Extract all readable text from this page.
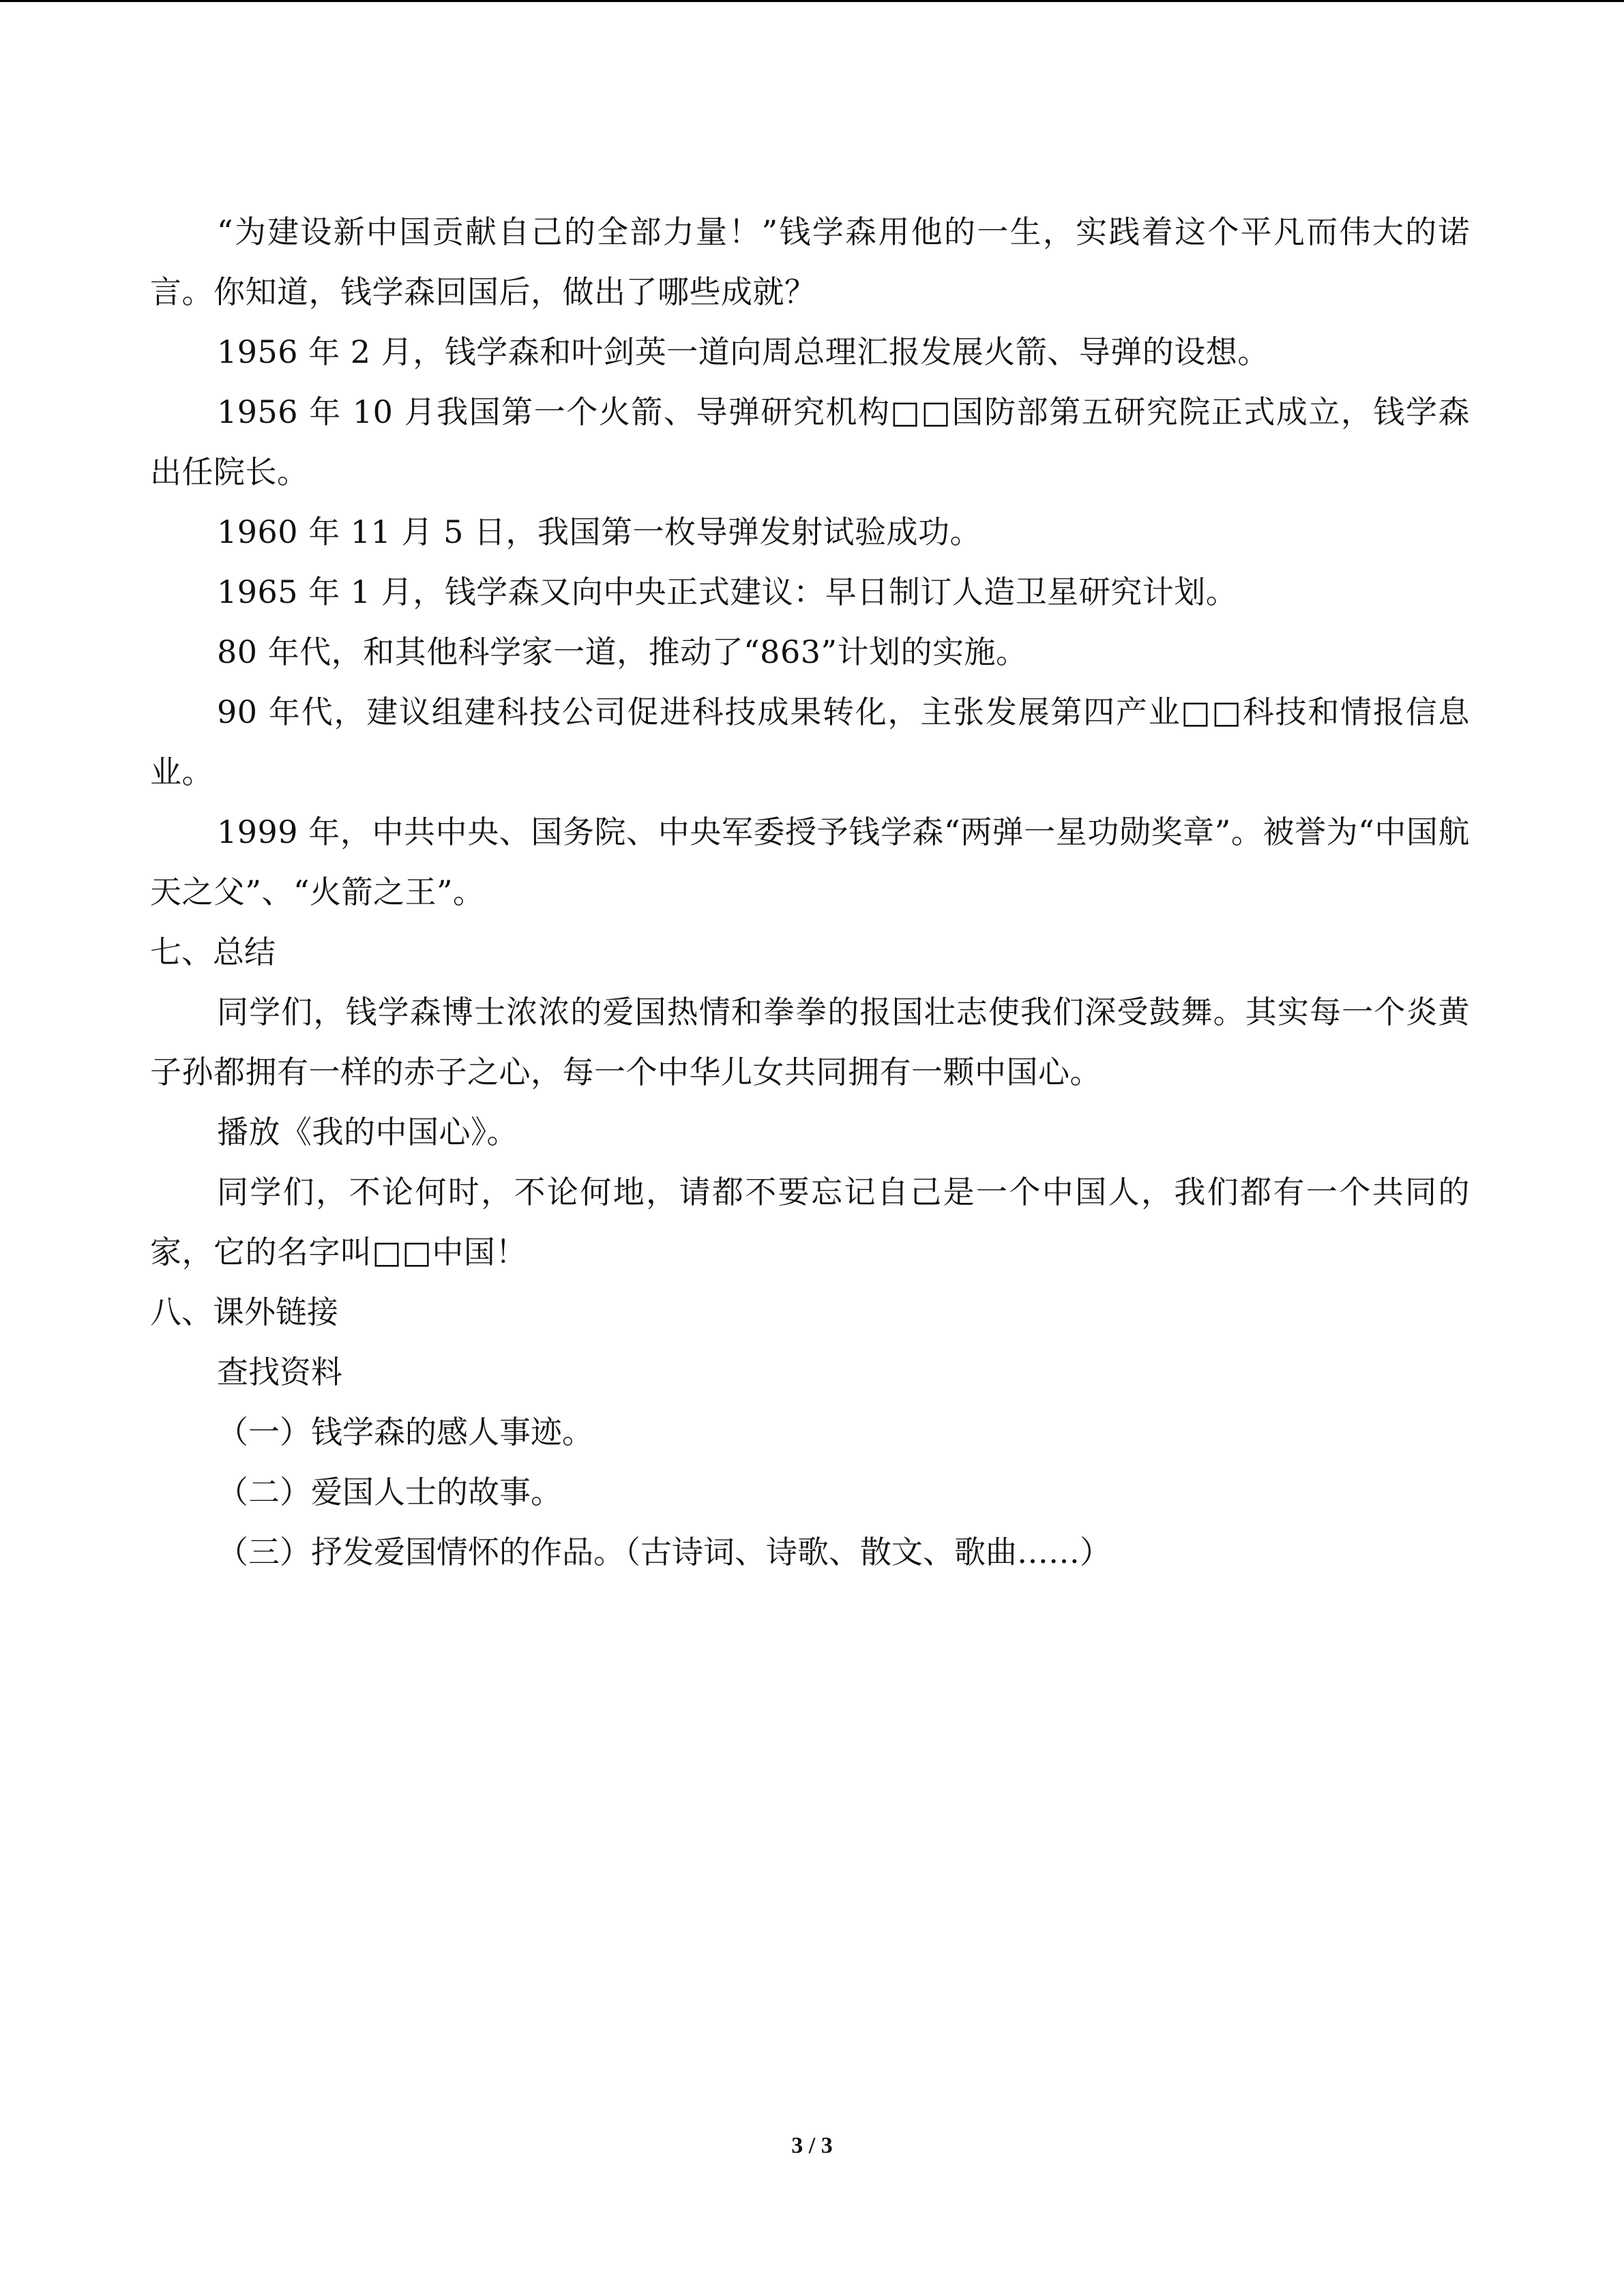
“为建设新中国贡献自己的全部力量！”钱学森用他的一生，实践着这个平凡而伟大的诺言。你知道，钱学森回国后，做出了哪些成就？

1956 年 2 月，钱学森和叶剑英一道向周总理汇报发展火箭、导弹的设想。

1956 年 10 月我国第一个火箭、导弹研究机构□□国防部第五研究院正式成立，钱学森出任院长。

1960 年 11 月 5 日，我国第一枚导弹发射试验成功。

1965 年 1 月，钱学森又向中央正式建议：早日制订人造卫星研究计划。

80 年代，和其他科学家一道，推动了“863”计划的实施。

90 年代，建议组建科技公司促进科技成果转化，主张发展第四产业□□科技和情报信息业。

1999 年，中共中央、国务院、中央军委授予钱学森“两弹一星功勋奖章”。被誉为“中国航天之父”、“火箭之王”。

七、总结

同学们，钱学森博士浓浓的爱国热情和拳拳的报国壮志使我们深受鼓舞。其实每一个炎黄子孙都拥有一样的赤子之心，每一个中华儿女共同拥有一颗中国心。

播放《我的中国心》。

同学们，不论何时，不论何地，请都不要忘记自己是一个中国人，我们都有一个共同的家，它的名字叫□□中国！

八、课外链接

查找资料

（一）钱学森的感人事迹。

（二）爱国人士的故事。

（三）抒发爱国情怀的作品。（古诗词、诗歌、散文、歌曲……）

3 / 3
